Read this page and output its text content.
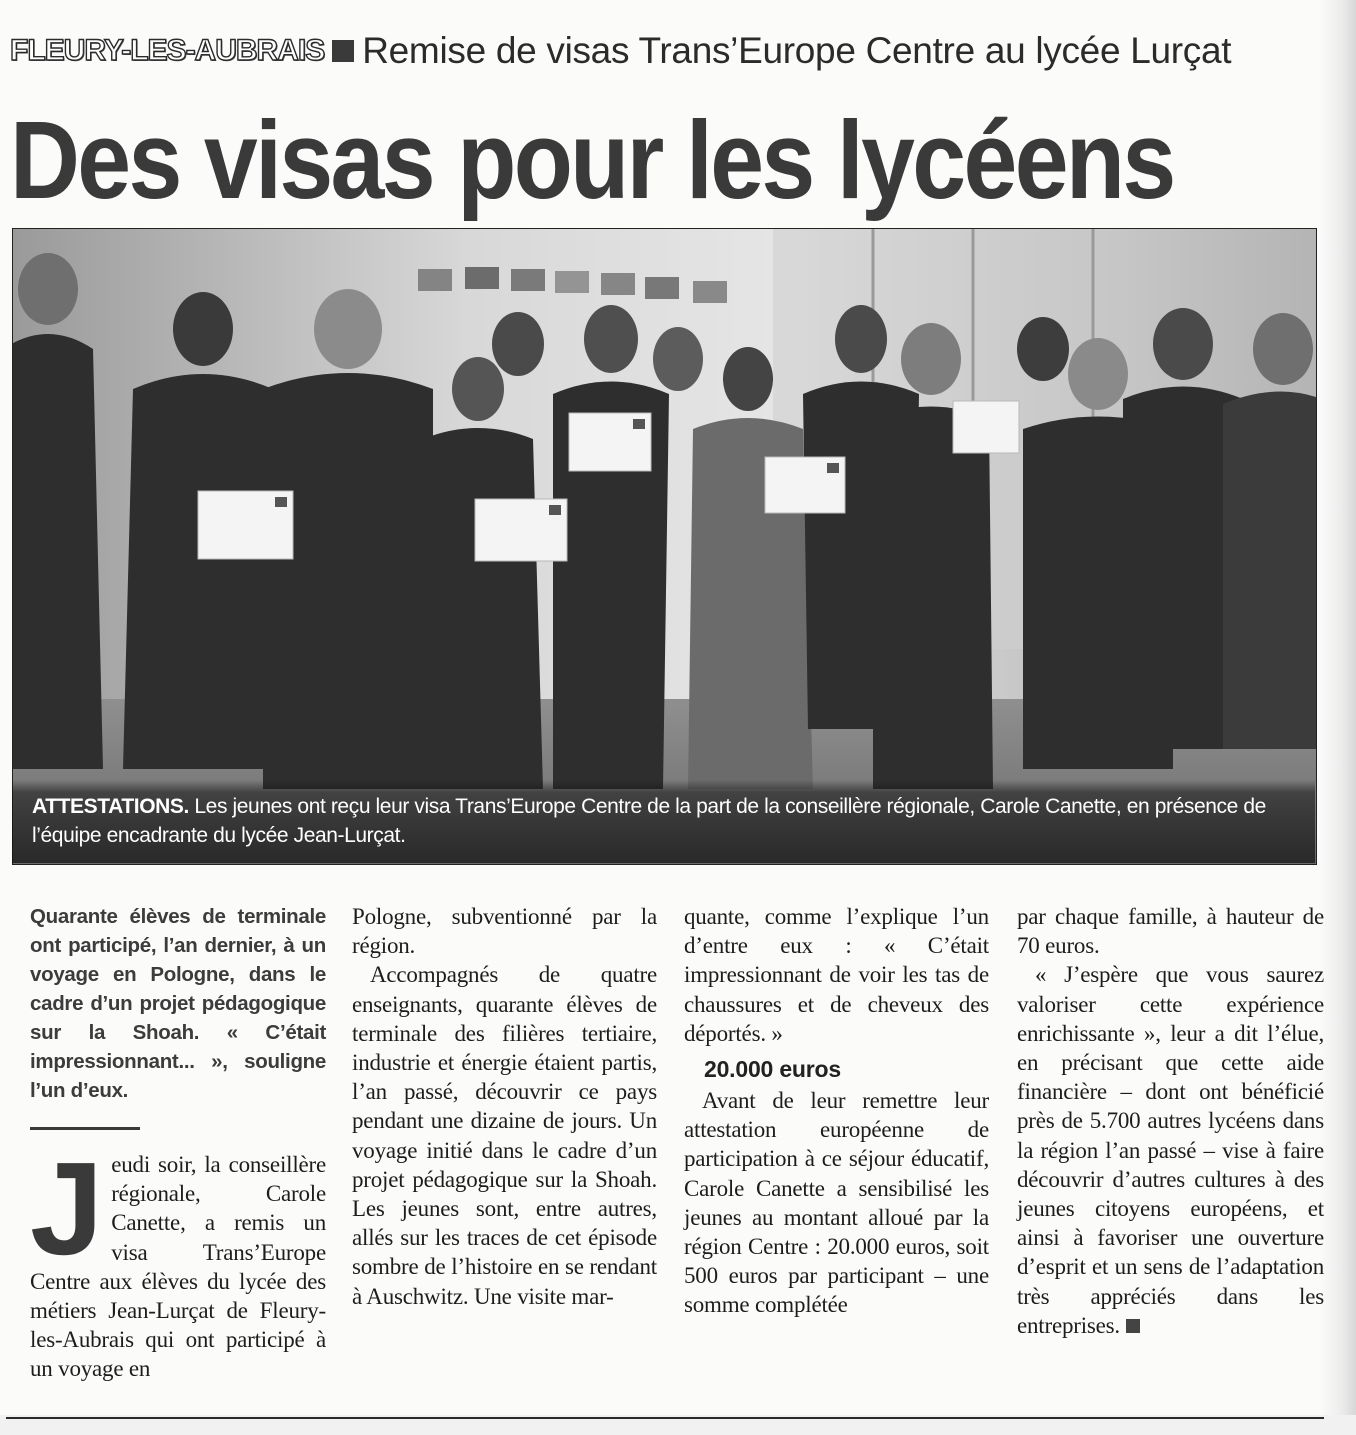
FLEURY-LES-AUBRAIS Remise de visas Trans’Europe Centre au lycée Lurçat
Des visas pour les lycéens
ATTESTATIONS. Les jeunes ont reçu leur visa Trans’Europe Centre de la part de la conseillère régionale, Carole Canette, en présence de l’équipe encadrante du lycée Jean-Lurçat.

Quarante élèves de terminale ont participé, l’an dernier, à un voyage en Pologne, dans le cadre d’un projet pédagogique sur la Shoah. « C’était impressionnant... », souligne l’un d’eux.

Jeudi soir, la conseillère régionale, Carole Canette, a remis un visa Trans’Europe Centre aux élèves du lycée des métiers Jean-Lurçat de Fleury-les-Aubrais qui ont participé à un voyage en

Pologne, subventionné par la région.

Accompagnés de quatre enseignants, quarante élèves de terminale des filières tertiaire, industrie et énergie étaient partis, l’an passé, découvrir ce pays pendant une dizaine de jours. Un voyage initié dans le cadre d’un projet pédagogique sur la Shoah. Les jeunes sont, entre autres, allés sur les traces de cet épisode sombre de l’histoire en se rendant à Auschwitz. Une visite mar-

quante, comme l’explique l’un d’entre eux : « C’était impressionnant de voir les tas de chaussures et de cheveux des déportés. »

20.000 euros

Avant de leur remettre leur attestation européenne de participation à ce séjour éducatif, Carole Canette a sensibilisé les jeunes au montant alloué par la région Centre : 20.000 euros, soit 500 euros par participant – une somme complétée

par chaque famille, à hauteur de 70 euros.

« J’espère que vous saurez valoriser cette expérience enrichissante », leur a dit l’élue, en précisant que cette aide financière – dont ont bénéficié près de 5.700 autres lycéens dans la région l’an passé – vise à faire découvrir d’autres cultures à des jeunes citoyens européens, et ainsi à favoriser une ouverture d’esprit et un sens de l’adaptation très appréciés dans les entreprises.
